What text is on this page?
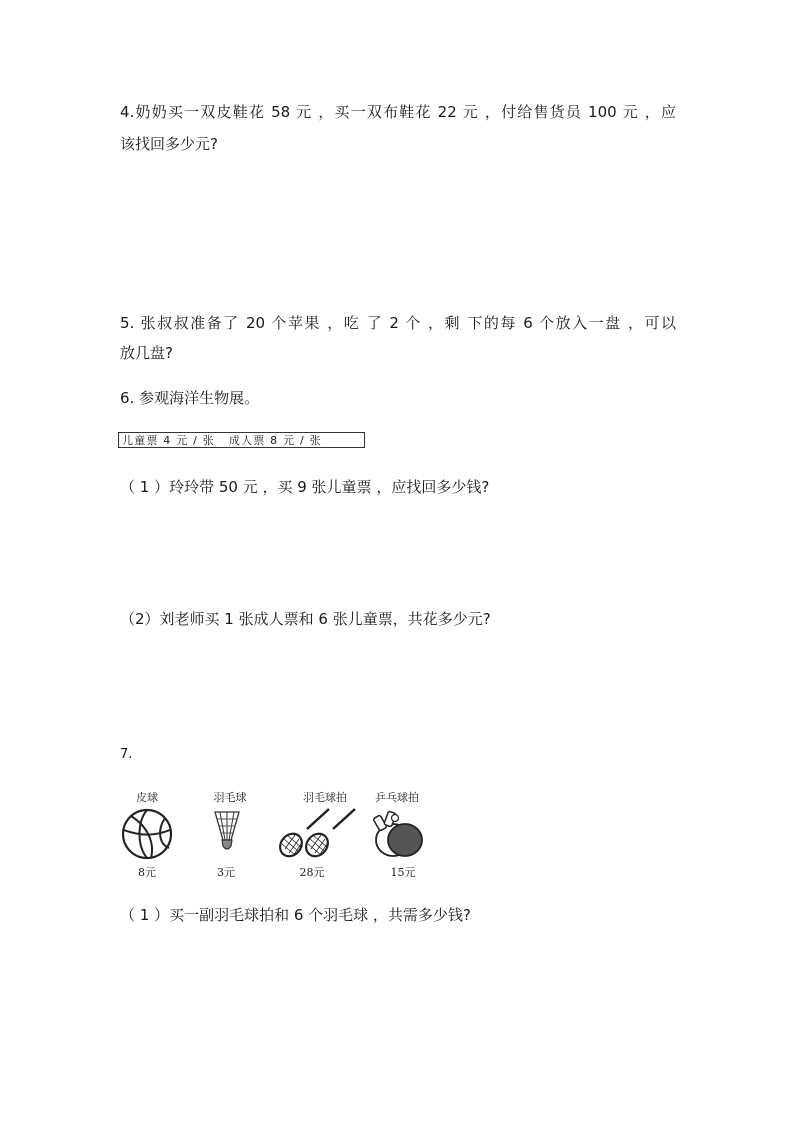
4.奶奶买一双皮鞋花 58 元 ，买一双布鞋花 22 元 ，付给售货员 100 元 ，应
该找回多少元?
5. 张叔叔准备了 20 个苹果 ，吃 了 2 个 ，剩 下的每 6 个放入一盘 ，可以
放几盘?
6. 参观海洋生物展。
儿童票 4 元 / 张 成人票 8 元 / 张
（ 1 ）玲玲带 50 元 ，买 9 张儿童票 ，应找回多少钱?
（2）刘老师买 1 张成人票和 6 张儿童票，共花多少元?
7.
皮球	羽毛球	羽毛球拍	乒乓球拍
8元	3元	28元	15元
（ 1 ）买一副羽毛球拍和 6 个羽毛球 ，共需多少钱?
